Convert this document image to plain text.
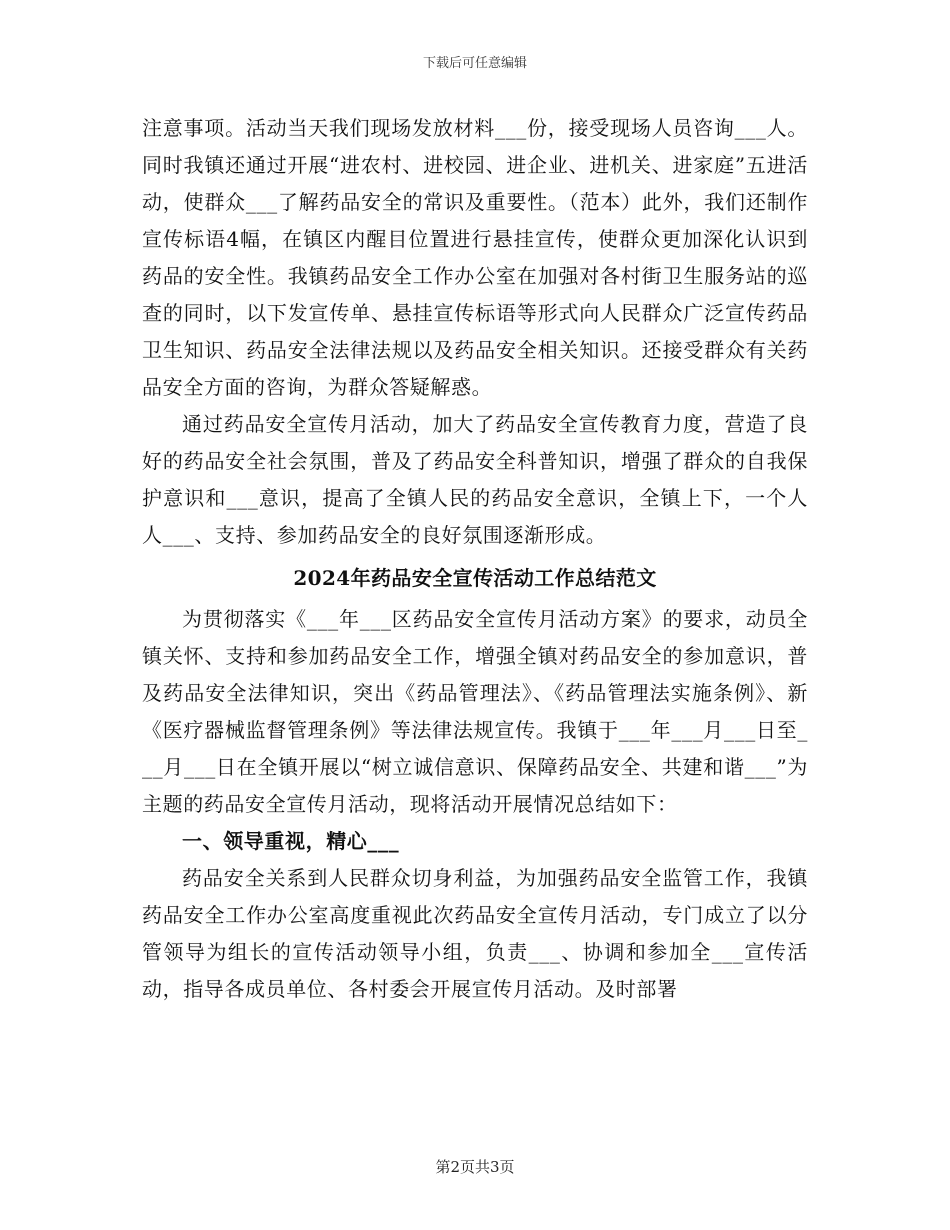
下载后可任意编辑

注意事项。活动当天我们现场发放材料___份，接受现场人员咨询___人。同时我镇还通过开展“进农村、进校园、进企业、进机关、进家庭”五进活动，使群众___了解药品安全的常识及重要性。（范本）此外，我们还制作宣传标语4幅，在镇区内醒目位置进行悬挂宣传，使群众更加深化认识到药品的安全性。我镇药品安全工作办公室在加强对各村街卫生服务站的巡查的同时，以下发宣传单、悬挂宣传标语等形式向人民群众广泛宣传药品卫生知识、药品安全法律法规以及药品安全相关知识。还接受群众有关药品安全方面的咨询，为群众答疑解惑。

通过药品安全宣传月活动，加大了药品安全宣传教育力度，营造了良好的药品安全社会氛围，普及了药品安全科普知识，增强了群众的自我保护意识和___意识，提高了全镇人民的药品安全意识，全镇上下，一个人人___、支持、参加药品安全的良好氛围逐渐形成。

2024年药品安全宣传活动工作总结范文

为贯彻落实《___年___区药品安全宣传月活动方案》的要求，动员全镇关怀、支持和参加药品安全工作，增强全镇对药品安全的参加意识，普及药品安全法律知识，突出《药品管理法》、《药品管理法实施条例》、新《医疗器械监督管理条例》等法律法规宣传。我镇于___年___月___日至___月___日在全镇开展以“树立诚信意识、保障药品安全、共建和谐___”为主题的药品安全宣传月活动，现将活动开展情况总结如下：

一、领导重视，精心___

药品安全关系到人民群众切身利益，为加强药品安全监管工作，我镇药品安全工作办公室高度重视此次药品安全宣传月活动，专门成立了以分管领导为组长的宣传活动领导小组，负责___、协调和参加全___宣传活动，指导各成员单位、各村委会开展宣传月活动。及时部署

第2页共3页
